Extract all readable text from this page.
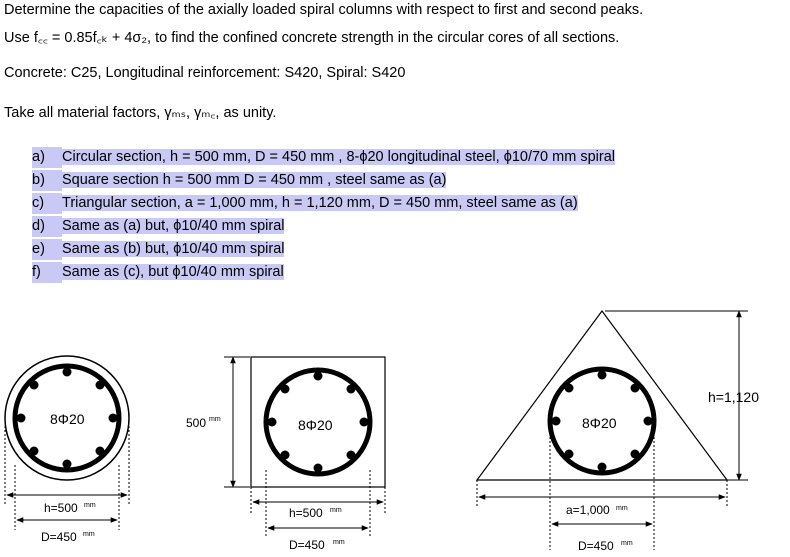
Determine the capacities of the axially loaded spiral columns with respect to first and second peaks.
Use f꜀꜀ = 0.85f꜀ₖ + 4σ₂, to find the confined concrete strength in the circular cores of all sections.
Concrete: C25, Longitudinal reinforcement: S420, Spiral: S420
Take all material factors, γₘₛ, γₘ꜀, as unity.
a) Circular section, h = 500 mm, D = 450 mm , 8-ϕ20 longitudinal steel, ϕ10/70 mm spiral
b) Square section h = 500 mm D = 450 mm , steel same as (a)
c) Triangular section, a = 1,000 mm, h = 1,120 mm, D = 450 mm, steel same as (a)
d) Same as (a) but, ϕ10/40 mm spiral
e) Same as (b) but, ϕ10/40 mm spiral
f) Same as (c), but ϕ10/40 mm spiral
8Φ20
h=500 mm
D=450 mm
8Φ20
500 mm
h=500 mm
D=450 mm
8Φ20
h=1,120
a=1,000 mm
D=450 mm
